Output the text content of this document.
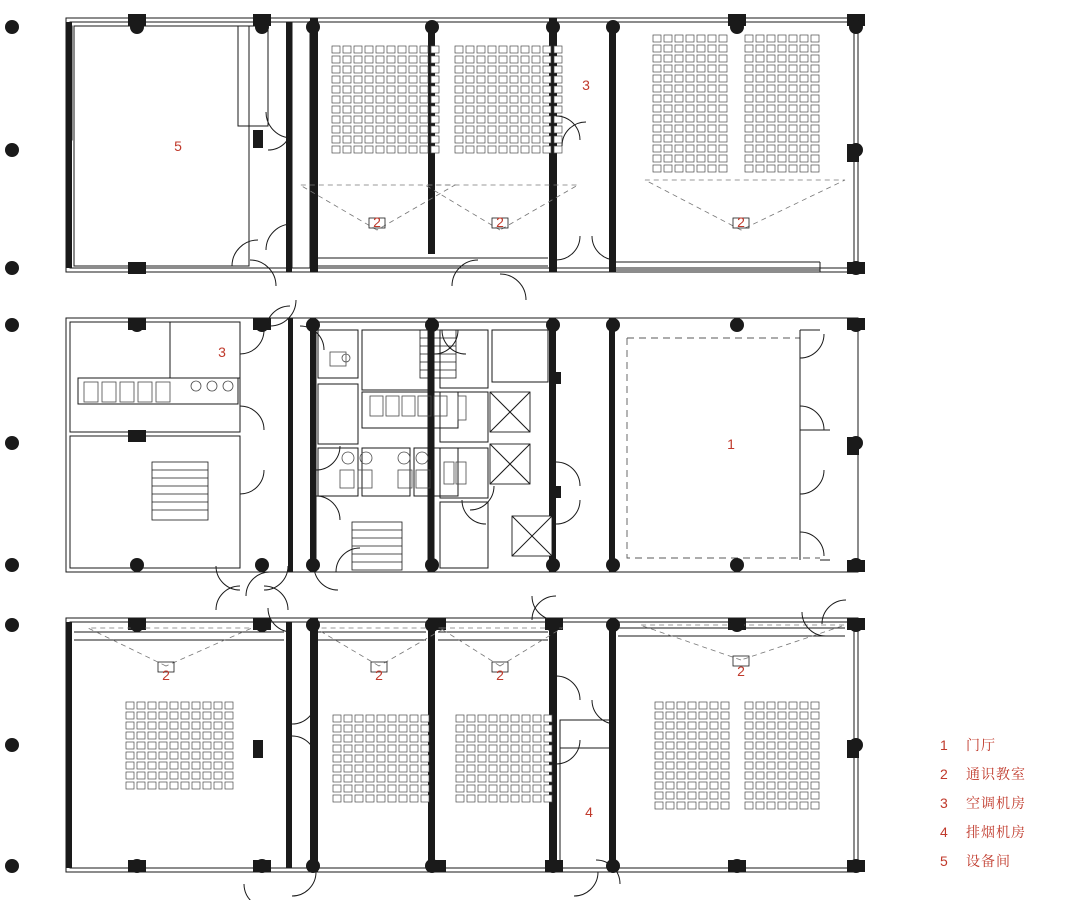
5
2	2
3
2
3
1
2	2	2	2
4
1	门厅
2	通识教室
3	空调机房
4	排烟机房
5	设备间
